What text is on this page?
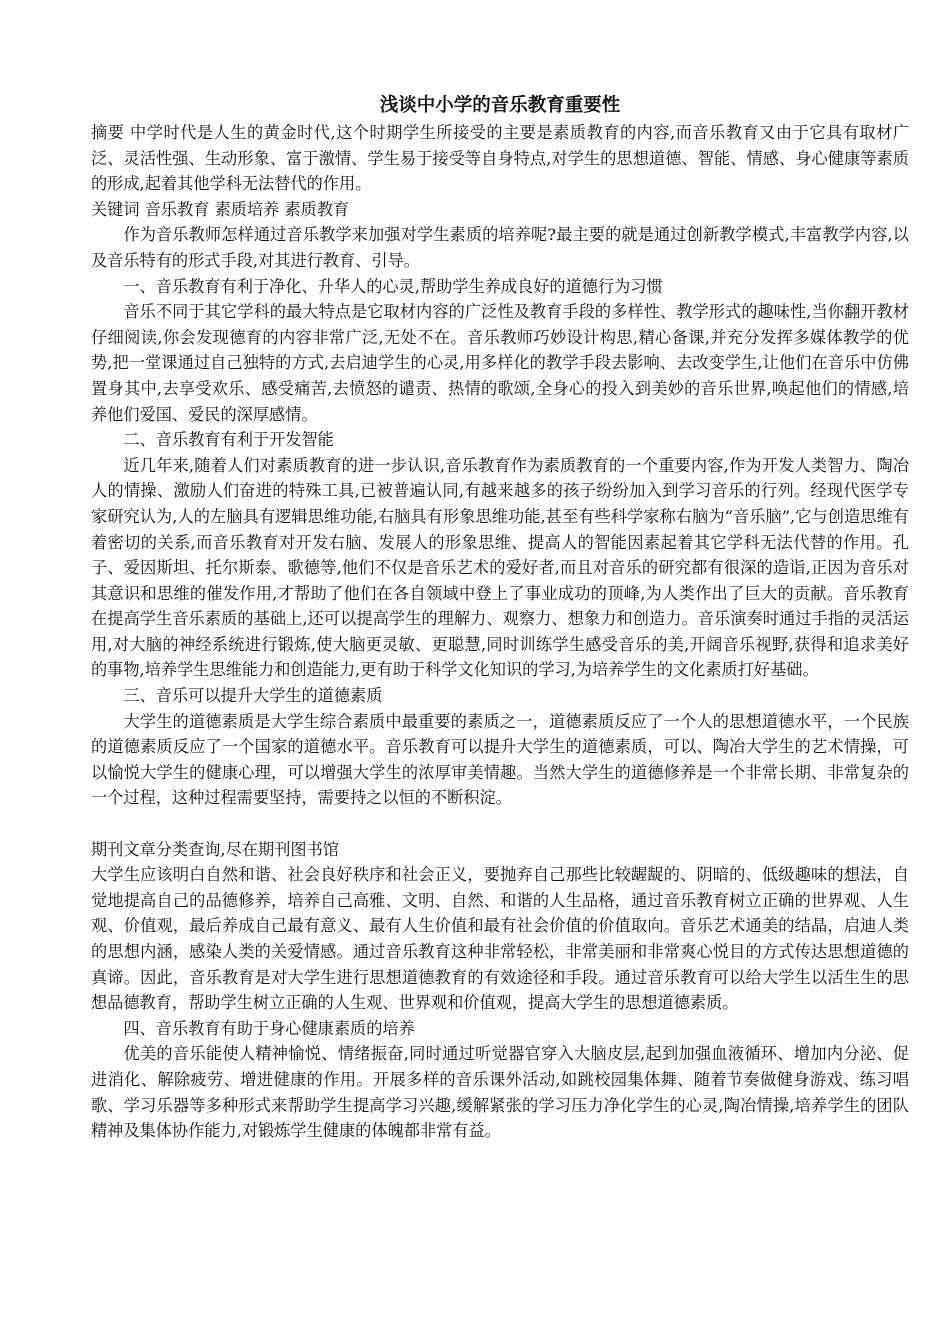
浅谈中小学的音乐教育重要性

摘要 中学时代是人生的黄金时代,这个时期学生所接受的主要是素质教育的内容,而音乐教育又由于它具有取材广泛、灵活性强、生动形象、富于激情、学生易于接受等自身特点,对学生的思想道德、智能、情感、身心健康等素质的形成,起着其他学科无法替代的作用。

关键词 音乐教育 素质培养 素质教育

作为音乐教师怎样通过音乐教学来加强对学生素质的培养呢?最主要的就是通过创新教学模式,丰富教学内容,以及音乐特有的形式手段,对其进行教育、引导。

一、音乐教育有利于净化、升华人的心灵,帮助学生养成良好的道德行为习惯

音乐不同于其它学科的最大特点是它取材内容的广泛性及教育手段的多样性、教学形式的趣味性,当你翻开教材仔细阅读,你会发现德育的内容非常广泛,无处不在。音乐教师巧妙设计构思,精心备课,并充分发挥多媒体教学的优势,把一堂课通过自己独特的方式,去启迪学生的心灵,用多样化的教学手段去影响、去改变学生,让他们在音乐中仿佛置身其中,去享受欢乐、感受痛苦,去愤怒的谴责、热情的歌颂,全身心的投入到美妙的音乐世界,唤起他们的情感,培养他们爱国、爱民的深厚感情。

二、音乐教育有利于开发智能

近几年来,随着人们对素质教育的进一步认识,音乐教育作为素质教育的一个重要内容,作为开发人类智力、陶冶人的情操、激励人们奋进的特殊工具,已被普遍认同,有越来越多的孩子纷纷加入到学习音乐的行列。经现代医学专家研究认为,人的左脑具有逻辑思维功能,右脑具有形象思维功能,甚至有些科学家称右脑为“音乐脑”,它与创造思维有着密切的关系,而音乐教育对开发右脑、发展人的形象思维、提高人的智能因素起着其它学科无法代替的作用。孔子、爱因斯坦、托尔斯泰、歌德等,他们不仅是音乐艺术的爱好者,而且对音乐的研究都有很深的造诣,正因为音乐对其意识和思维的催发作用,才帮助了他们在各自领域中登上了事业成功的顶峰,为人类作出了巨大的贡献。音乐教育在提高学生音乐素质的基础上,还可以提高学生的理解力、观察力、想象力和创造力。音乐演奏时通过手指的灵活运用,对大脑的神经系统进行锻炼,使大脑更灵敏、更聪慧,同时训练学生感受音乐的美,开阔音乐视野,获得和追求美好的事物,培养学生思维能力和创造能力,更有助于科学文化知识的学习,为培养学生的文化素质打好基础。

三、音乐可以提升大学生的道德素质

大学生的道德素质是大学生综合素质中最重要的素质之一，道德素质反应了一个人的思想道德水平，一个民族的道德素质反应了一个国家的道德水平。音乐教育可以提升大学生的道德素质，可以、陶冶大学生的艺术情操，可以愉悦大学生的健康心理，可以增强大学生的浓厚审美情趣。当然大学生的道德修养是一个非常长期、非常复杂的一个过程，这种过程需要坚持，需要持之以恒的不断积淀。

期刊文章分类查询,尽在期刊图书馆

大学生应该明白自然和谐、社会良好秩序和社会正义，要抛弃自己那些比较龌龊的、阴暗的、低级趣味的想法，自觉地提高自己的品德修养，培养自己高雅、文明、自然、和谐的人生品格，通过音乐教育树立正确的世界观、人生观、价值观，最后养成自己最有意义、最有人生价值和最有社会价值的价值取向。音乐艺术通美的结晶，启迪人类的思想内涵，感染人类的关爱情感。通过音乐教育这种非常轻松，非常美丽和非常爽心悦目的方式传达思想道德的真谛。因此，音乐教育是对大学生进行思想道德教育的有效途径和手段。通过音乐教育可以给大学生以活生生的思想品德教育，帮助学生树立正确的人生观、世界观和价值观，提高大学生的思想道德素质。

四、音乐教育有助于身心健康素质的培养

优美的音乐能使人精神愉悦、情绪振奋,同时通过听觉器官穿入大脑皮层,起到加强血液循环、增加内分泌、促进消化、解除疲劳、增进健康的作用。开展多样的音乐课外活动,如跳校园集体舞、随着节奏做健身游戏、练习唱歌、学习乐器等多种形式来帮助学生提高学习兴趣,缓解紧张的学习压力净化学生的心灵,陶冶情操,培养学生的团队精神及集体协作能力,对锻炼学生健康的体魄都非常有益。
